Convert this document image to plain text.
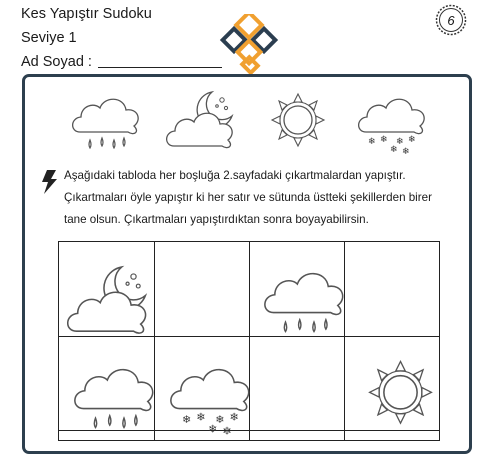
Kes Yapıştır Sudoku
Seviye 1
Ad Soyad :
6
Aşağıdaki tabloda her boşluğa 2.sayfadaki çıkartmalardan yapıştır.
Çıkartmaları öyle yapıştır ki her satır ve sütunda üstteki şekillerden birer
tane olsun. Çıkartmaları yapıştırdıktan sonra boyayabilirsin.
